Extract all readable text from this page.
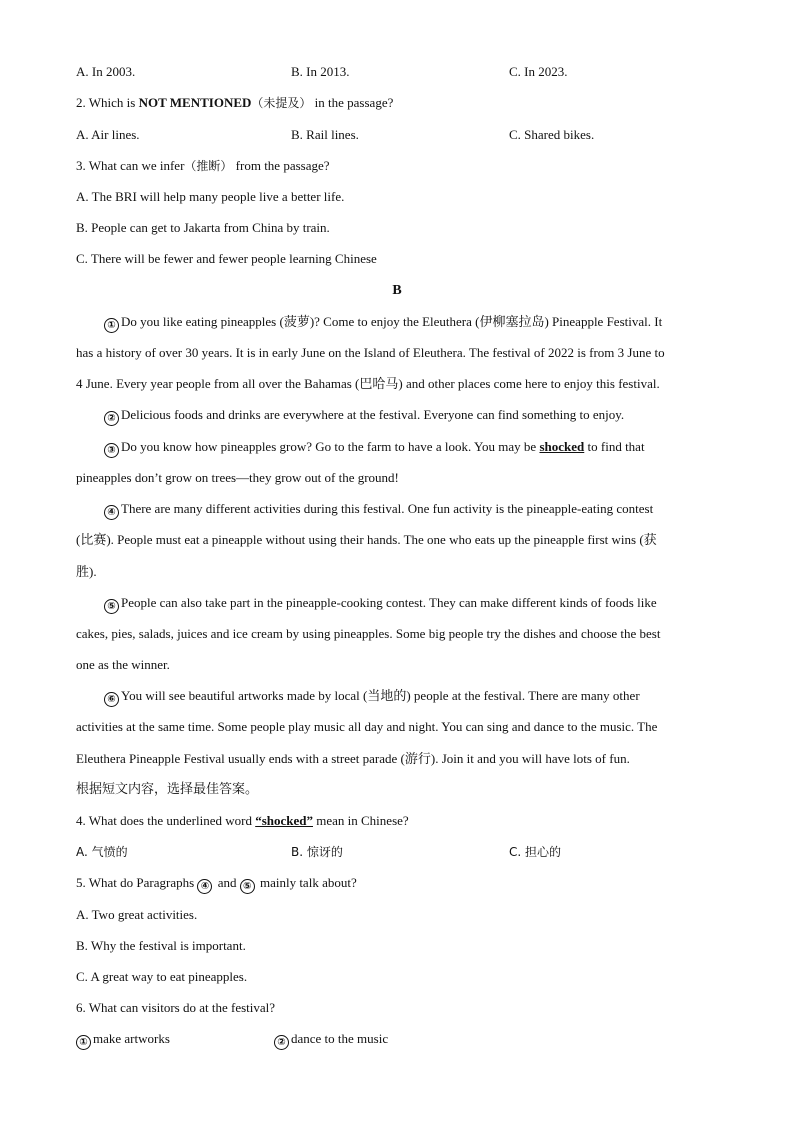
A. In 2003.	B. In 2013.	C. In 2023.
2. Which is NOT MENTIONED（未提及） in the passage?
A. Air lines.	B. Rail lines.	C. Shared bikes.
3. What can we infer（推断） from the passage?
A. The BRI will help many people live a better life.
B. People can get to Jakarta from China by train.
C. There will be fewer and fewer people learning Chinese
B
① Do you like eating pineapples (菠萝)? Come to enjoy the Eleuthera (伊柳塞拉岛) Pineapple Festival. It
has a history of over 30 years. It is in early June on the Island of Eleuthera. The festival of 2022 is from 3 June to
4 June. Every year people from all over the Bahamas (巴哈马) and other places come here to enjoy this festival.
② Delicious foods and drinks are everywhere at the festival. Everyone can find something to enjoy.
③ Do you know how pineapples grow? Go to the farm to have a look. You may be shocked to find that
pineapples don’t grow on trees—they grow out of the ground!
④ There are many different activities during this festival. One fun activity is the pineapple-eating contest
(比赛). People must eat a pineapple without using their hands. The one who eats up the pineapple first wins (获
胜).
⑤ People can also take part in the pineapple-cooking contest. They can make different kinds of foods like
cakes, pies, salads, juices and ice cream by using pineapples. Some big people try the dishes and choose the best
one as the winner.
⑥ You will see beautiful artworks made by local (当地的) people at the festival. There are many other
activities at the same time. Some people play music all day and night. You can sing and dance to the music. The
Eleuthera Pineapple Festival usually ends with a street parade (游行). Join it and you will have lots of fun.
根据短文内容，选择最佳答案。
4. What does the underlined word “shocked” mean in Chinese?
A. 气愤的	B. 惊讶的	C. 担心的
5. What do Paragraphs ④ and ⑤ mainly talk about?
A. Two great activities.
B. Why the festival is important.
C. A great way to eat pineapples.
6. What can visitors do at the festival?
① make artworks	② dance to the music
